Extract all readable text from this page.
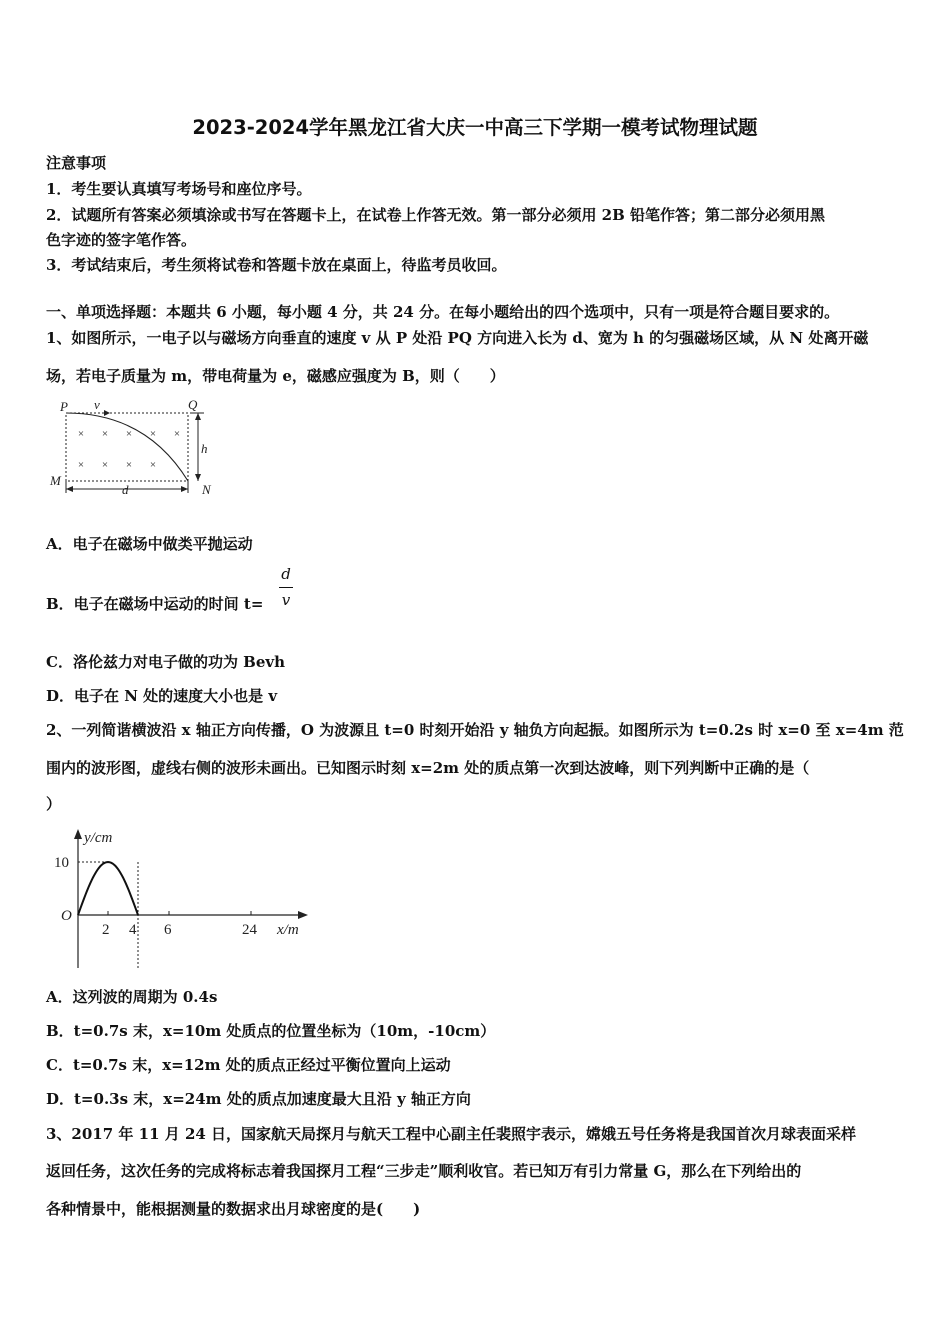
2023-2024学年黑龙江省大庆一中高三下学期一模考试物理试题
注意事项
1．考生要认真填写考场号和座位序号。
2．试题所有答案必须填涂或书写在答题卡上，在试卷上作答无效。第一部分必须用 2B 铅笔作答；第二部分必须用黑
色字迹的签字笔作答。
3．考试结束后，考生须将试卷和答题卡放在桌面上，待监考员收回。
一、单项选择题：本题共 6 小题，每小题 4 分，共 24 分。在每小题给出的四个选项中，只有一项是符合题目要求的。
1、如图所示，一电子以与磁场方向垂直的速度 v 从 P 处沿 PQ 方向进入长为 d、宽为 h 的匀强磁场区域，从 N 处离开磁
场，若电子质量为 m，带电荷量为 e，磁感应强度为 B，则（　　）
× × × × ×
× × × ×
P v	Q
h
M
N
d
A．电子在磁场中做类平抛运动
B．电子在磁场中运动的时间 t=
d
v
C．洛伦兹力对电子做的功为 Bevh
D．电子在 N 处的速度大小也是 v
2、一列简谐横波沿 x 轴正方向传播，O 为波源且 t=0 时刻开始沿 y 轴负方向起振。如图所示为 t=0.2s 时 x=0 至 x=4m 范
围内的波形图，虚线右侧的波形未画出。已知图示时刻 x=2m 处的质点第一次到达波峰，则下列判断中正确的是（
）
y/cm
10
O
2 4 6	24 x/m
A．这列波的周期为 0.4s
B．t=0.7s 末，x=10m 处质点的位置坐标为（10m，-10cm）
C．t=0.7s 末，x=12m 处的质点正经过平衡位置向上运动
D．t=0.3s 末，x=24m 处的质点加速度最大且沿 y 轴正方向
3、2017 年 11 月 24 日，国家航天局探月与航天工程中心副主任裴照宇表示，嫦娥五号任务将是我国首次月球表面采样
返回任务，这次任务的完成将标志着我国探月工程“三步走”顺利收官。若已知万有引力常量 G，那么在下列给出的
各种情景中，能根据测量的数据求出月球密度的是(　　)
